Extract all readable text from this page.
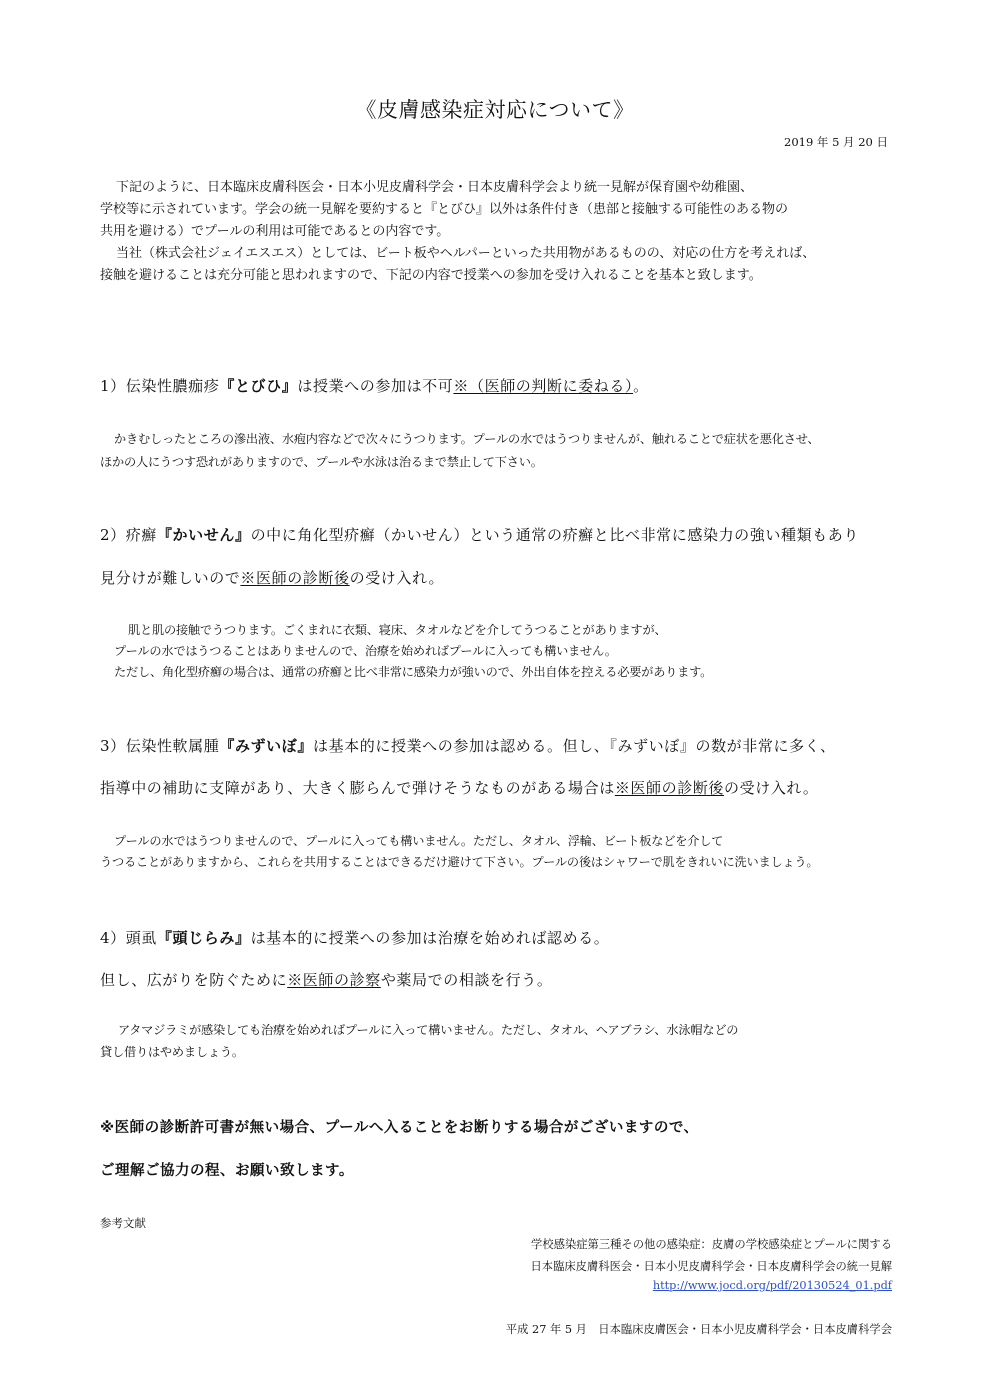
《皮膚感染症対応について》
2019 年 5 月 20 日
下記のように、日本臨床皮膚科医会・日本小児皮膚科学会・日本皮膚科学会より統一見解が保育園や幼稚園、
学校等に示されています。学会の統一見解を要約すると『とびひ』以外は条件付き（患部と接触する可能性のある物の
共用を避ける）でプールの利用は可能であるとの内容です。
当社（株式会社ジェイエスエス）としては、ビート板やヘルパーといった共用物があるものの、対応の仕方を考えれば、
接触を避けることは充分可能と思われますので、下記の内容で授業への参加を受け入れることを基本と致します。
1）伝染性膿痂疹『とびひ』は授業への参加は不可※（医師の判断に委ねる）。
かきむしったところの滲出液、水疱内容などで次々にうつります。プールの水ではうつりませんが、触れることで症状を悪化させ、
ほかの人にうつす恐れがありますので、プールや水泳は治るまで禁止して下さい。
2）疥癬『かいせん』の中に角化型疥癬（かいせん）という通常の疥癬と比べ非常に感染力の強い種類もあり
見分けが難しいので※医師の診断後の受け入れ。
肌と肌の接触でうつります。ごくまれに衣類、寝床、タオルなどを介してうつることがありますが、
プールの水ではうつることはありませんので、治療を始めればプールに入っても構いません。
ただし、角化型疥癬の場合は、通常の疥癬と比べ非常に感染力が強いので、外出自体を控える必要があります。
3）伝染性軟属腫『みずいぼ』は基本的に授業への参加は認める。但し、『みずいぼ』の数が非常に多く、
指導中の補助に支障があり、大きく膨らんで弾けそうなものがある場合は※医師の診断後の受け入れ。
プールの水ではうつりませんので、プールに入っても構いません。ただし、タオル、浮輪、ビート板などを介して
うつることがありますから、これらを共用することはできるだけ避けて下さい。プールの後はシャワーで肌をきれいに洗いましょう。
4）頭虱『頭じらみ』は基本的に授業への参加は治療を始めれば認める。
但し、広がりを防ぐために※医師の診察や薬局での相談を行う。
アタマジラミが感染しても治療を始めればプールに入って構いません。ただし、タオル、ヘアブラシ、水泳帽などの
貸し借りはやめましょう。
※医師の診断許可書が無い場合、プールへ入ることをお断りする場合がございますので、
ご理解ご協力の程、お願い致します。
参考文献
学校感染症第三種その他の感染症：皮膚の学校感染症とプールに関する
日本臨床皮膚科医会・日本小児皮膚科学会・日本皮膚科学会の統一見解
http://www.jocd.org/pdf/20130524_01.pdf
平成 27 年 5 月　日本臨床皮膚医会・日本小児皮膚科学会・日本皮膚科学会
